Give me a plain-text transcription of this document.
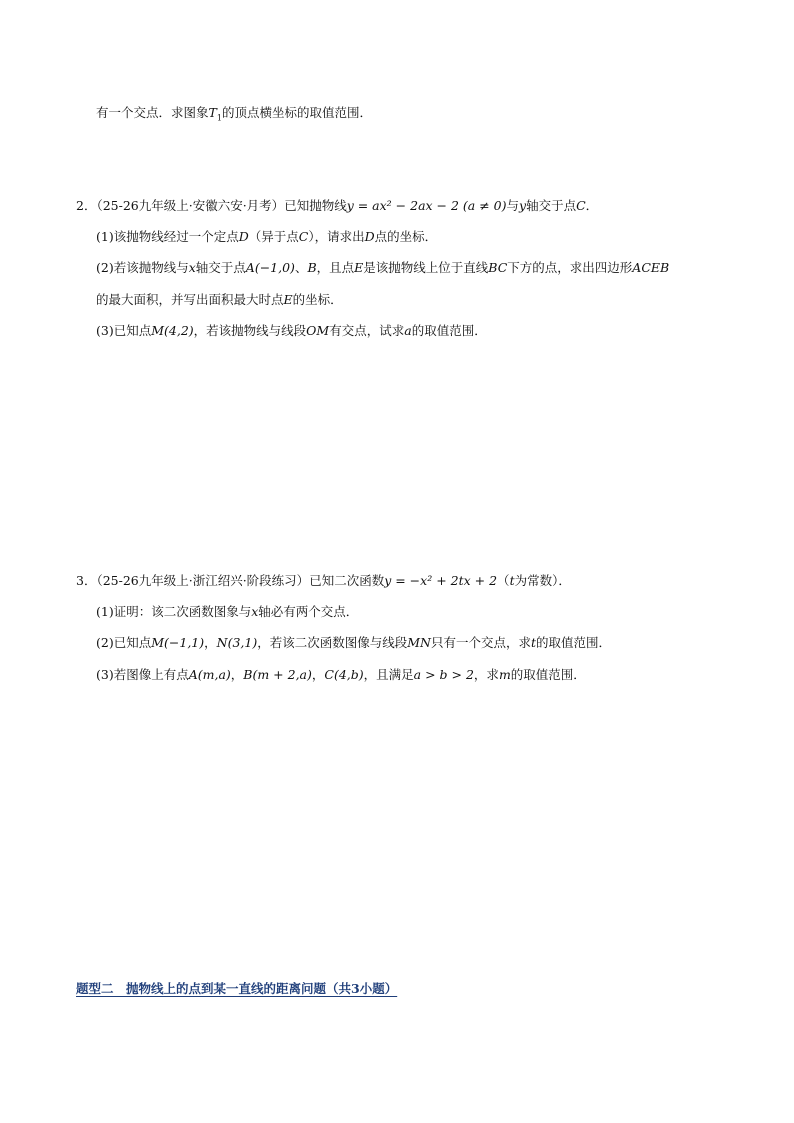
有一个交点．求图象$T_1$的顶点横坐标的取值范围．
2．（25-26九年级上·安徽六安·月考）已知抛物线y = ax² − 2ax − 2 (a ≠ 0)与y轴交于点C．
(1)该抛物线经过一个定点D（异于点C），请求出D点的坐标．
(2)若该抛物线与x轴交于点A(−1,0)、B，且点E是该抛物线上位于直线BC下方的点，求出四边形ACEB
的最大面积，并写出面积最大时点E的坐标．
(3)已知点M(4,2)，若该抛物线与线段OM有交点，试求a的取值范围．
3．（25-26九年级上·浙江绍兴·阶段练习）已知二次函数y = −x² + 2tx + 2（t为常数）．
(1)证明：该二次函数图象与x轴必有两个交点．
(2)已知点M(−1,1)，N(3,1)，若该二次函数图像与线段MN只有一个交点，求t的取值范围．
(3)若图像上有点A(m,a)，B(m + 2,a)，C(4,b)，且满足a > b > 2，求m的取值范围．
题型二　抛物线上的点到某一直线的距离问题（共3小题）
